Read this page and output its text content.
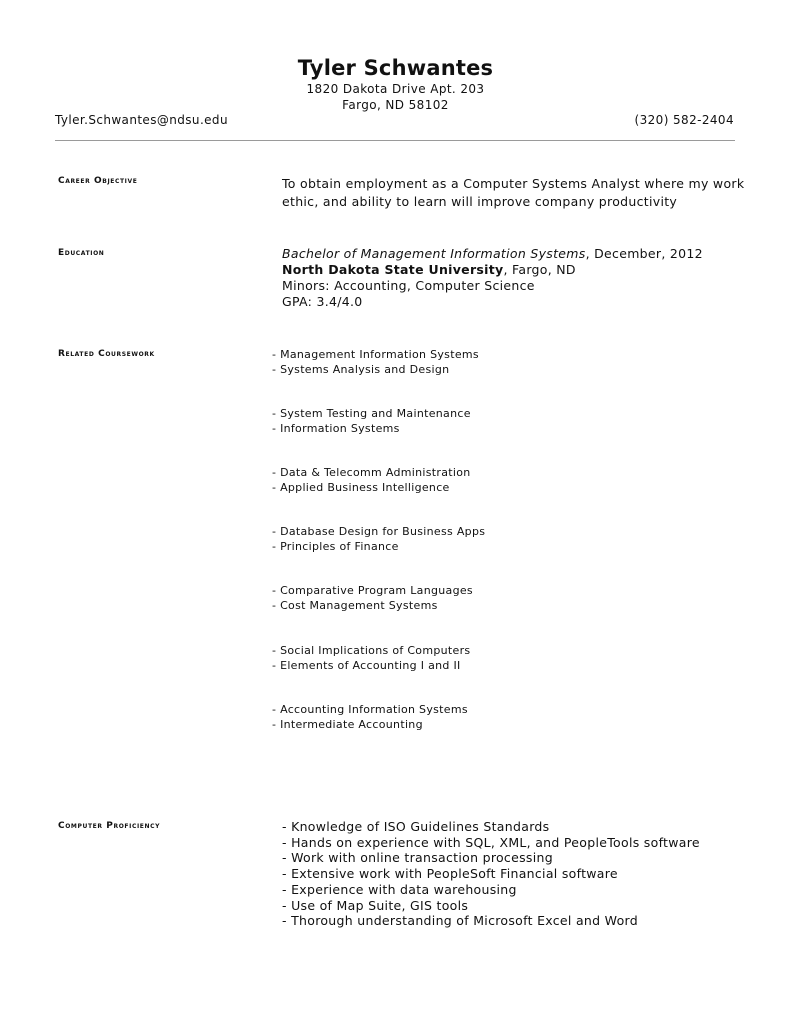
Tyler Schwantes
1820 Dakota Drive Apt. 203
Fargo, ND 58102
Tyler.Schwantes@ndsu.edu	(320) 582-2404
Career Objective	To obtain employment as a Computer Systems Analyst where my work
ethic, and ability to learn will improve company productivity
Education	Bachelor of Management Information Systems, December, 2012
North Dakota State University, Fargo, ND
Minors: Accounting, Computer Science
GPA: 3.4/4.0
Related Coursework	- Management Information Systems
- Systems Analysis and Design
- System Testing and Maintenance
- Information Systems
- Data & Telecomm Administration
- Applied Business Intelligence
- Database Design for Business Apps
- Principles of Finance
- Comparative Program Languages
- Cost Management Systems
- Social Implications of Computers
- Elements of Accounting I and II
- Accounting Information Systems
- Intermediate Accounting
Computer Proficiency	- Knowledge of ISO Guidelines Standards
- Hands on experience with SQL, XML, and PeopleTools software
- Work with online transaction processing
- Extensive work with PeopleSoft Financial software
- Experience with data warehousing
- Use of Map Suite, GIS tools
- Thorough understanding of Microsoft Excel and Word
